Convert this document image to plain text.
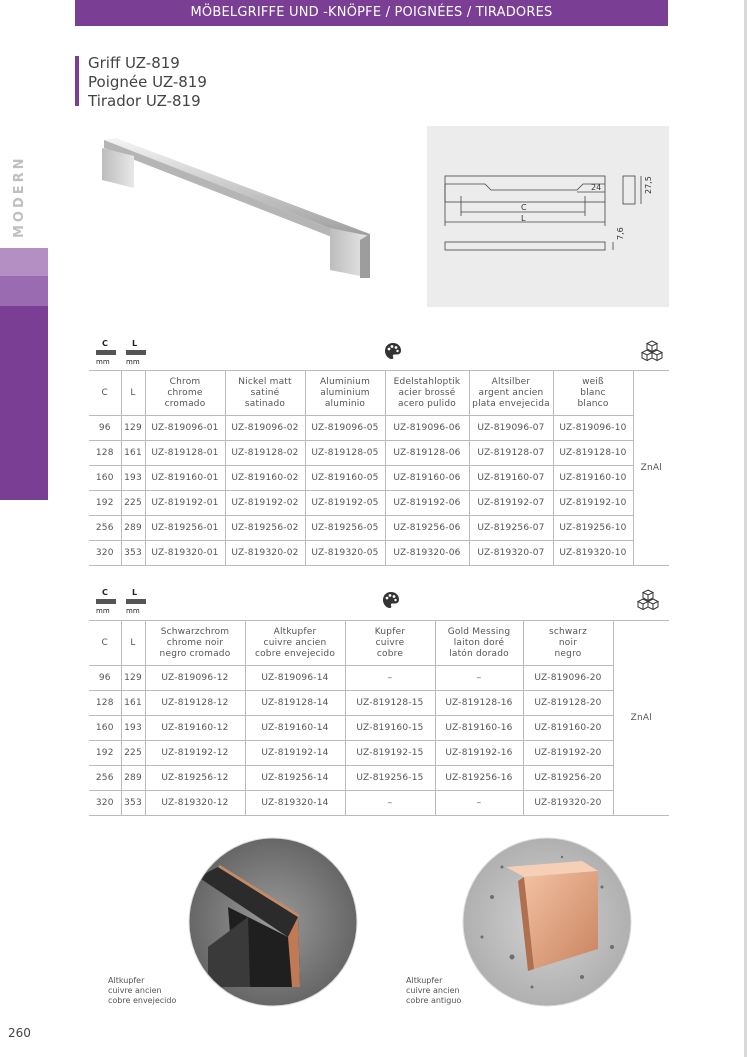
MÖBELGRIFFE UND -KNÖPFE / POIGNÉES / TIRADORES
MODERN
Griff UZ-819
Poignée UZ-819
Tirador UZ-819
24
C
L
27,5
7,6
C
mm
L
mm
C	L	Chrom
chrome
cromado	Nickel matt
satiné
satinado	Aluminium
aluminium
aluminio	Edelstahloptik
acier brossé
acero pulido	Altsilber
argent ancien
plata envejecida	weiß
blanc
blanco	ZnAl
96	129	UZ-819096-01	UZ-819096-02	UZ-819096-05	UZ-819096-06	UZ-819096-07	UZ-819096-10	
128	161	UZ-819128-01	UZ-819128-02	UZ-819128-05	UZ-819128-06	UZ-819128-07	UZ-819128-10	
160	193	UZ-819160-01	UZ-819160-02	UZ-819160-05	UZ-819160-06	UZ-819160-07	UZ-819160-10	
192	225	UZ-819192-01	UZ-819192-02	UZ-819192-05	UZ-819192-06	UZ-819192-07	UZ-819192-10	
256	289	UZ-819256-01	UZ-819256-02	UZ-819256-05	UZ-819256-06	UZ-819256-07	UZ-819256-10	
320	353	UZ-819320-01	UZ-819320-02	UZ-819320-05	UZ-819320-06	UZ-819320-07	UZ-819320-10	
C
mm
L
mm
C	L	Schwarzchrom
chrome noir
negro cromado	Altkupfer
cuivre ancien
cobre envejecido	Kupfer
cuivre
cobre	Gold Messing
laiton doré
latón dorado	schwarz
noir
negro	ZnAl
96	129	UZ-819096-12	UZ-819096-14	–	–	UZ-819096-20	
128	161	UZ-819128-12	UZ-819128-14	UZ-819128-15	UZ-819128-16	UZ-819128-20	
160	193	UZ-819160-12	UZ-819160-14	UZ-819160-15	UZ-819160-16	UZ-819160-20	
192	225	UZ-819192-12	UZ-819192-14	UZ-819192-15	UZ-819192-16	UZ-819192-20	
256	289	UZ-819256-12	UZ-819256-14	UZ-819256-15	UZ-819256-16	UZ-819256-20	
320	353	UZ-819320-12	UZ-819320-14	–	–	UZ-819320-20	
Altkupfer
cuivre ancien
cobre envejecido
Altkupfer
cuivre ancien
cobre antiguo
260
